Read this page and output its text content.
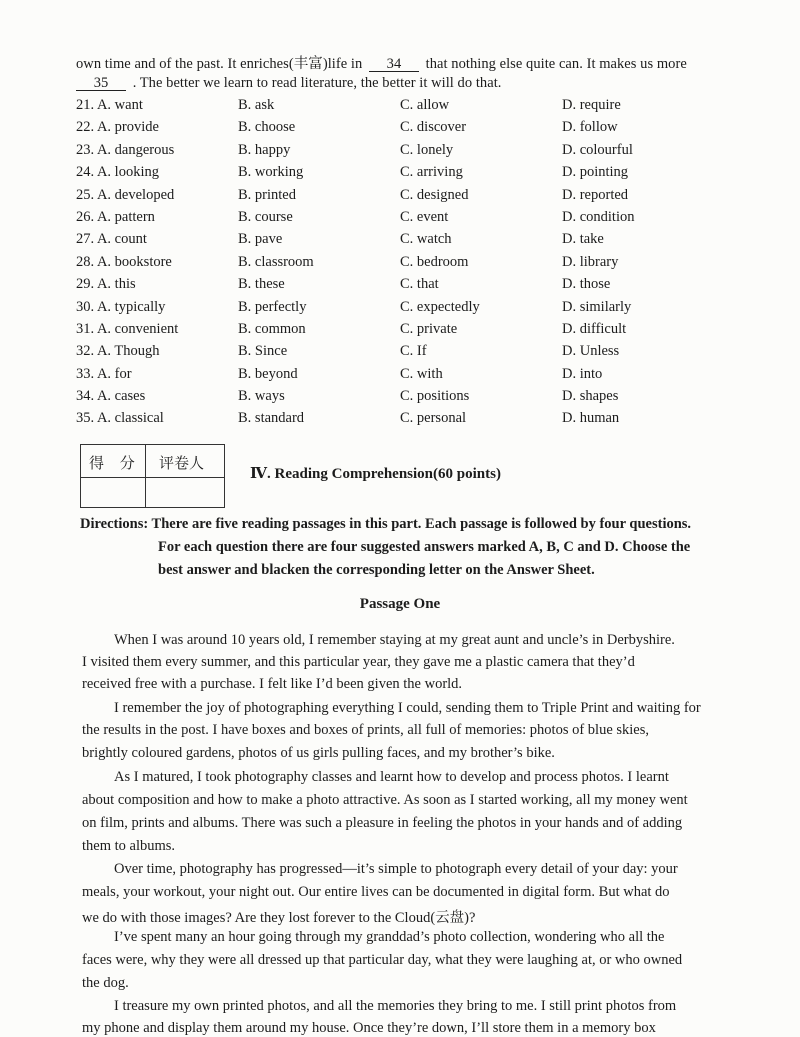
own time and of the past. It enriches(丰富)life in 34 that nothing else quite can. It makes us more
35 . The better we learn to read literature, the better it will do that.
21. A. want	B. ask	C. allow	D. require
22. A. provide	B. choose	C. discover	D. follow
23. A. dangerous	B. happy	C. lonely	D. colourful
24. A. looking	B. working	C. arriving	D. pointing
25. A. developed	B. printed	C. designed	D. reported
26. A. pattern	B. course	C. event	D. condition
27. A. count	B. pave	C. watch	D. take
28. A. bookstore	B. classroom	C. bedroom	D. library
29. A. this	B. these	C. that	D. those
30. A. typically	B. perfectly	C. expectedly	D. similarly
31. A. convenient	B. common	C. private	D. difficult
32. A. Though	B. Since	C. If	D. Unless
33. A. for	B. beyond	C. with	D. into
34. A. cases	B. ways	C. positions	D. shapes
35. A. classical	B. standard	C. personal	D. human
得 分 评卷人
Ⅳ. Reading Comprehension(60 points)
Directions: There are five reading passages in this part. Each passage is followed by four questions.
For each question there are four suggested answers marked A, B, C and D. Choose the
best answer and blacken the corresponding letter on the Answer Sheet.
Passage One
When I was around 10 years old, I remember staying at my great aunt and uncle’s in Derbyshire.
I visited them every summer, and this particular year, they gave me a plastic camera that they’d
received free with a purchase. I felt like I’d been given the world.
I remember the joy of photographing everything I could, sending them to Triple Print and waiting for
the results in the post. I have boxes and boxes of prints, all full of memories: photos of blue skies,
brightly coloured gardens, photos of us girls pulling faces, and my brother’s bike.
As I matured, I took photography classes and learnt how to develop and process photos. I learnt
about composition and how to make a photo attractive. As soon as I started working, all my money went
on film, prints and albums. There was such a pleasure in feeling the photos in your hands and of adding
them to albums.
Over time, photography has progressed—it’s simple to photograph every detail of your day: your
meals, your workout, your night out. Our entire lives can be documented in digital form. But what do
we do with those images? Are they lost forever to the Cloud(云盘)?
I’ve spent many an hour going through my granddad’s photo collection, wondering who all the
faces were, why they were all dressed up that particular day, what they were laughing at, or who owned
the dog.
I treasure my own printed photos, and all the memories they bring to me. I still print photos from
my phone and display them around my house. Once they’re down, I’ll store them in a memory box
